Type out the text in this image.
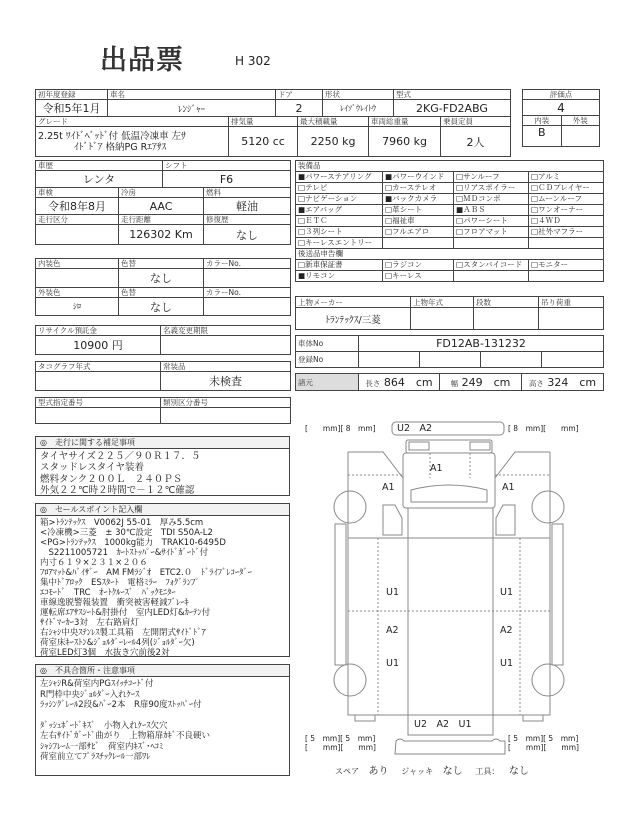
出品票	H 302
初年度登録	車名	ドア	形状	型式
令和5年1月	ﾚﾝｼﾞｬｰ	2	ﾚｲｿﾞｳﾚｲﾄｳ	2KG-FD2ABG
グレード	排気量	最大積載量	車両総重量	乗員定員

2.25t ﾜｲﾄﾞﾍﾞｯﾄﾞ付 低温冷凍車 左ｻ
ｲﾄﾞﾄﾞｱ 格納PG Rｴｱｻｽ	5120 cc	2250 kg	7960 kg	2人
評価点	
4	
内装	外装
B	
車歴		シフト	
レンタ		F6	
車検	冷房		燃料
令和8年8月	AAC		軽油
走行区分	走行距離		修復歴
	126302 Km		なし
内装色	色替	カラーNo.
	なし	
外装色	色替	カラーNo.
ｼﾛ	なし	
リサイクル預託金	名義変更期限
10900 円	
タコグラフ年式	常装品
	未検査
型式指定番号	類別区分番号

◎　走行に関する補足事項
タイヤサイズ２２５／９０Ｒ１７．５
スタッドレスタイヤ装着
燃料タンク２００Ｌ　２４０ＰＳ
外気２２℃時２時間で－１２℃確認
◎　セールスポイント記入欄
箱>ﾄﾗﾝﾃｯｸｽ　V0062J 55-01　厚み5.5cm
<冷凍機>三菱　± 30℃設定　TDI S50A-L2
<PG>ﾄﾗﾝﾃｯｸｽ　1000kg能力　TRAK10-6495D
　S2211005721　ｶｰﾄｽﾄｯﾊﾟｰ&ｻｲﾄﾞｶﾞｰﾄﾞ付
内寸６１９×２３１×２０６
ﾌﾛｱﾏｯﾄ&ﾊﾞｲｻﾞｰ　AM FMﾗｼﾞｵ　ETC2.０　ﾄﾞﾗｲﾌﾞﾚｺｰﾀﾞｰ
集中ﾄﾞｱﾛｯｸ　ESｽﾀｰﾄ　電格ﾐﾗｰ　ﾌｫｸﾞﾗﾝﾌﾟ
ｴｺﾓｰﾄﾞ　TRC　ｵｰﾄｸﾙｰｽﾞ　ﾊﾞｯｸﾓﾆﾀｰ
車線逸脱警報装置　衝突被害軽減ﾌﾞﾚｰｷ
運転席ｴｱｻｽｼｰﾄ&肘掛付　室内LED灯&ｶｰﾃﾝ付
ｻｲﾄﾞﾏｰｶｰ3対　左右路肩灯
右ｼｬｼ中央ｽﾃﾝﾚｽ製工具箱　左開閉式ｻｲﾄﾞﾄﾞｱ
荷室床ｷｰｽﾄﾝ&ｼﾞｮﾙﾀﾞｰﾚｰﾙ4列(ｼﾞｮﾙﾀﾞｰ欠)
荷室LED灯3個　水抜き穴前後2対
◎　不具合箇所・注意事項
左ｼｬｼR&荷室内PGｽｲｯﾁｺｰﾄﾞ付
R門枠中央ｼﾞｮﾙﾀﾞｰ入れｹｰｽ
ﾗｯｼﾝｸﾞﾚｰﾙ2段&ﾊﾞｰ2本　R扉90度ｽﾄｯﾊﾟｰ付
ﾀﾞｯｼｭﾎﾞｰﾄﾞｷｽﾞ　小物入れｹｰｽ欠穴
左右ｻｲﾄﾞｶﾞｰﾄﾞ曲がり　上物箱扉ｶｷﾞ不良硬い
ｼｬｼﾌﾚｰﾑ一部ｻﾋﾞ　荷室内ｷｽﾞ･ﾍｺﾐ
荷室前立てﾌﾟﾗｽﾁｯｸﾚｰﾙ一部ﾜﾚ
装備品			
■パワーステアリング	■パワーウインド	□サンルーフ	□アルミ
□テレビ	□カーステレオ	□リアスポイラー	□ＣＤプレイヤー
□ナビゲーション	■バックカメラ	□ＭＤコンポ	□ムーンルーフ
■エアバッグ	□革シート	■ＡＢＳ	□ワンオーナー
□ＥＴＣ	□福祉車	□パワーシート	□４ＷＤ
□３列シート	□フルエアロ	□フロアマット	□社外マフラー
□キーレスエントリー			
後送品申告欄			
□新車保証書	□ラジコン	□スタンバイコード	□モニター
■リモコン	□キーレス		
上物メーカー	上物年式	段数	吊り荷重
ﾄﾗﾝﾃｯｸｽ/三菱			
車体No	FD12AB-131232			
登録No				
諸元	長さ 864　cm	幅 249　cm	高さ 324　cm
U2　A2
A1
A1	A1
U1
A2
U1
U1
A2
U1
U2　A2　U1
[　　mm][ 8　mm]	[ 8　mm][　　mm]
[ 5　mm][ 5　mm]
[　　mm][　　mm]
[ 5　mm][ 5　mm]
[　　mm][　　mm]
スペア あり ジャッキ なし 工具： なし
